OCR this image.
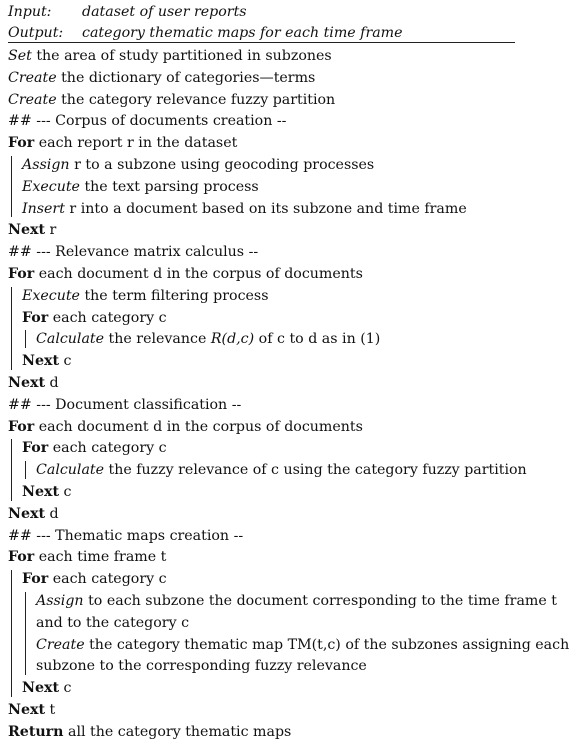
Input: dataset of user reports
Output: category thematic maps for each time frame
Set the area of study partitioned in subzones
Create the dictionary of categories—terms
Create the category relevance fuzzy partition
## --- Corpus of documents creation --
For each report r in the dataset
Assign r to a subzone using geocoding processes
Execute the text parsing process
Insert r into a document based on its subzone and time frame
Next r
## --- Relevance matrix calculus --
For each document d in the corpus of documents
Execute the term filtering process
For each category c
Calculate the relevance R(d,c) of c to d as in (1)
Next c
Next d
## --- Document classification --
For each document d in the corpus of documents
For each category c
Calculate the fuzzy relevance of c using the category fuzzy partition
Next c
Next d
## --- Thematic maps creation --
For each time frame t
For each category c
Assign to each subzone the document corresponding to the time frame t
and to the category c
Create the category thematic map TM(t,c) of the subzones assigning each
subzone to the corresponding fuzzy relevance
Next c
Next t
Return all the category thematic maps
